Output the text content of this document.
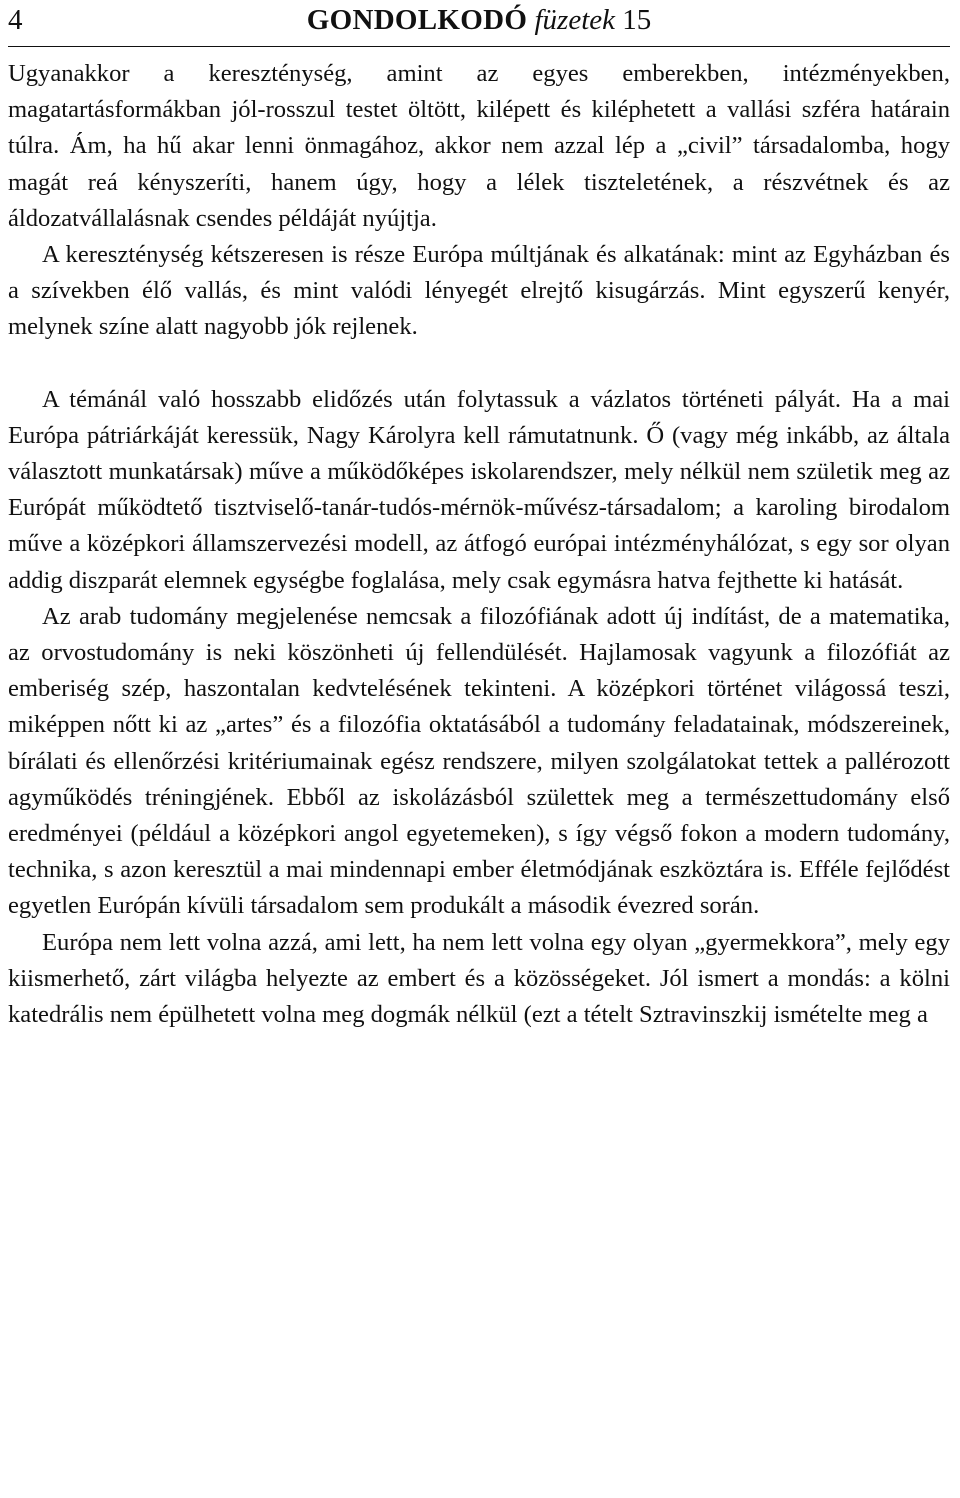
4	GONDOLKODÓ füzetek 15

Ugyanakkor a kereszténység, amint az egyes emberekben, intézményekben, magatartásformákban jól-rosszul testet öltött, kilépett és kiléphetett a vallási szféra határain túlra. Ám, ha hű akar lenni önmagához, akkor nem azzal lép a „civil” társadalomba, hogy magát reá kényszeríti, hanem úgy, hogy a lélek tiszteletének, a részvétnek és az áldozatvállalásnak csendes példáját nyújtja.

A kereszténység kétszeresen is része Európa múltjának és alkatának: mint az Egyházban és a szívekben élő vallás, és mint valódi lényegét elrejtő kisugárzás. Mint egyszerű kenyér, melynek színe alatt nagyobb jók rejlenek.

A témánál való hosszabb elidőzés után folytassuk a vázlatos történeti pályát. Ha a mai Európa pátriárkáját keressük, Nagy Károlyra kell rámutatnunk. Ő (vagy még inkább, az általa választott munkatársak) műve a működőképes iskolarendszer, mely nélkül nem születik meg az Európát működtető tisztviselő-tanár-tudós-mérnök-művész-társadalom; a karoling birodalom műve a középkori államszervezési modell, az átfogó európai intézményhálózat, s egy sor olyan addig diszparát elemnek egységbe foglalása, mely csak egymásra hatva fejthette ki hatását.

Az arab tudomány megjelenése nemcsak a filozófiának adott új indítást, de a matematika, az orvostudomány is neki köszönheti új fellendülését. Hajlamosak vagyunk a filozófiát az emberiség szép, haszontalan kedvtelésének tekinteni. A középkori történet világossá teszi, miképpen nőtt ki az „artes” és a filozófia oktatásából a tudomány feladatainak, módszereinek, bírálati és ellenőrzési kritériumainak egész rendszere, milyen szolgálatokat tettek a pallérozott agyműködés tréningjének. Ebből az iskolázásból születtek meg a természettudomány első eredményei (például a középkori angol egyetemeken), s így végső fokon a modern tudomány, technika, s azon keresztül a mai mindennapi ember életmódjának eszköztára is. Efféle fejlődést egyetlen Európán kívüli társadalom sem produkált a második évezred során.

Európa nem lett volna azzá, ami lett, ha nem lett volna egy olyan „gyermekkora”, mely egy kiismerhető, zárt világba helyezte az embert és a közösségeket. Jól ismert a mondás: a kölni katedrális nem épülhetett volna meg dogmák nélkül (ezt a tételt Sztravinszkij ismételte meg a
